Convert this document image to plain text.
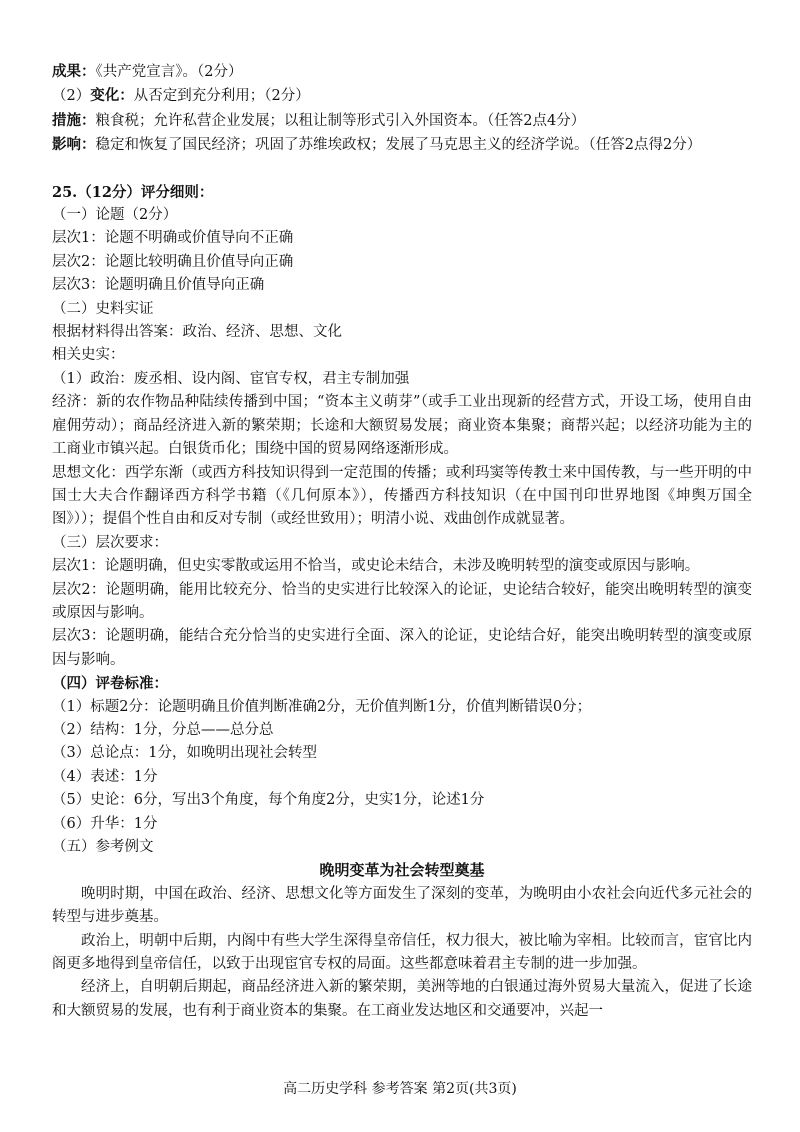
成果：《共产党宣言》。（2分）
（2）变化：从否定到充分利用；（2分）
措施：粮食税；允许私营企业发展；以租让制等形式引入外国资本。（任答2点4分）
影响：稳定和恢复了国民经济；巩固了苏维埃政权；发展了马克思主义的经济学说。（任答2点得2分）
25.（12分）评分细则：
（一）论题（2分）
层次1：论题不明确或价值导向不正确
层次2：论题比较明确且价值导向正确
层次3：论题明确且价值导向正确
（二）史料实证
根据材料得出答案：政治、经济、思想、文化
相关史实：
（1）政治：废丞相、设内阁、宦官专权，君主专制加强
经济：新的农作物品种陆续传播到中国；“资本主义萌芽”（或手工业出现新的经营方式，开设工场，使用自由雇佣劳动）；商品经济进入新的繁荣期；长途和大额贸易发展；商业资本集聚；商帮兴起；以经济功能为主的工商业市镇兴起。白银货币化；围绕中国的贸易网络逐渐形成。
思想文化：西学东渐（或西方科技知识得到一定范围的传播；或利玛窦等传教士来中国传教，与一些开明的中国士大夫合作翻译西方科学书籍（《几何原本》），传播西方科技知识（在中国刊印世界地图《坤舆万国全图》））；提倡个性自由和反对专制（或经世致用）；明清小说、戏曲创作成就显著。
（三）层次要求：
层次1：论题明确，但史实零散或运用不恰当，或史论未结合，未涉及晚明转型的演变或原因与影响。
层次2：论题明确，能用比较充分、恰当的史实进行比较深入的论证，史论结合较好，能突出晚明转型的演变或原因与影响。
层次3：论题明确，能结合充分恰当的史实进行全面、深入的论证，史论结合好，能突出晚明转型的演变或原因与影响。
（四）评卷标准：
（1）标题2分：论题明确且价值判断准确2分，无价值判断1分，价值判断错误0分；
（2）结构：1分，分总——总分总
（3）总论点：1分，如晚明出现社会转型
（4）表述：1分
（5）史论：6分，写出3个角度，每个角度2分，史实1分，论述1分
（6）升华：1分
（五）参考例文
晚明变革为社会转型奠基
晚明时期，中国在政治、经济、思想文化等方面发生了深刻的变革，为晚明由小农社会向近代多元社会的转型与进步奠基。
政治上，明朝中后期，内阁中有些大学生深得皇帝信任，权力很大，被比喻为宰相。比较而言，宦官比内阁更多地得到皇帝信任，以致于出现宦官专权的局面。这些都意味着君主专制的进一步加强。
经济上，自明朝后期起，商品经济进入新的繁荣期，美洲等地的白银通过海外贸易大量流入，促进了长途和大额贸易的发展，也有利于商业资本的集聚。在工商业发达地区和交通要冲，兴起一
高二历史学科 参考答案 第2页(共3页)
